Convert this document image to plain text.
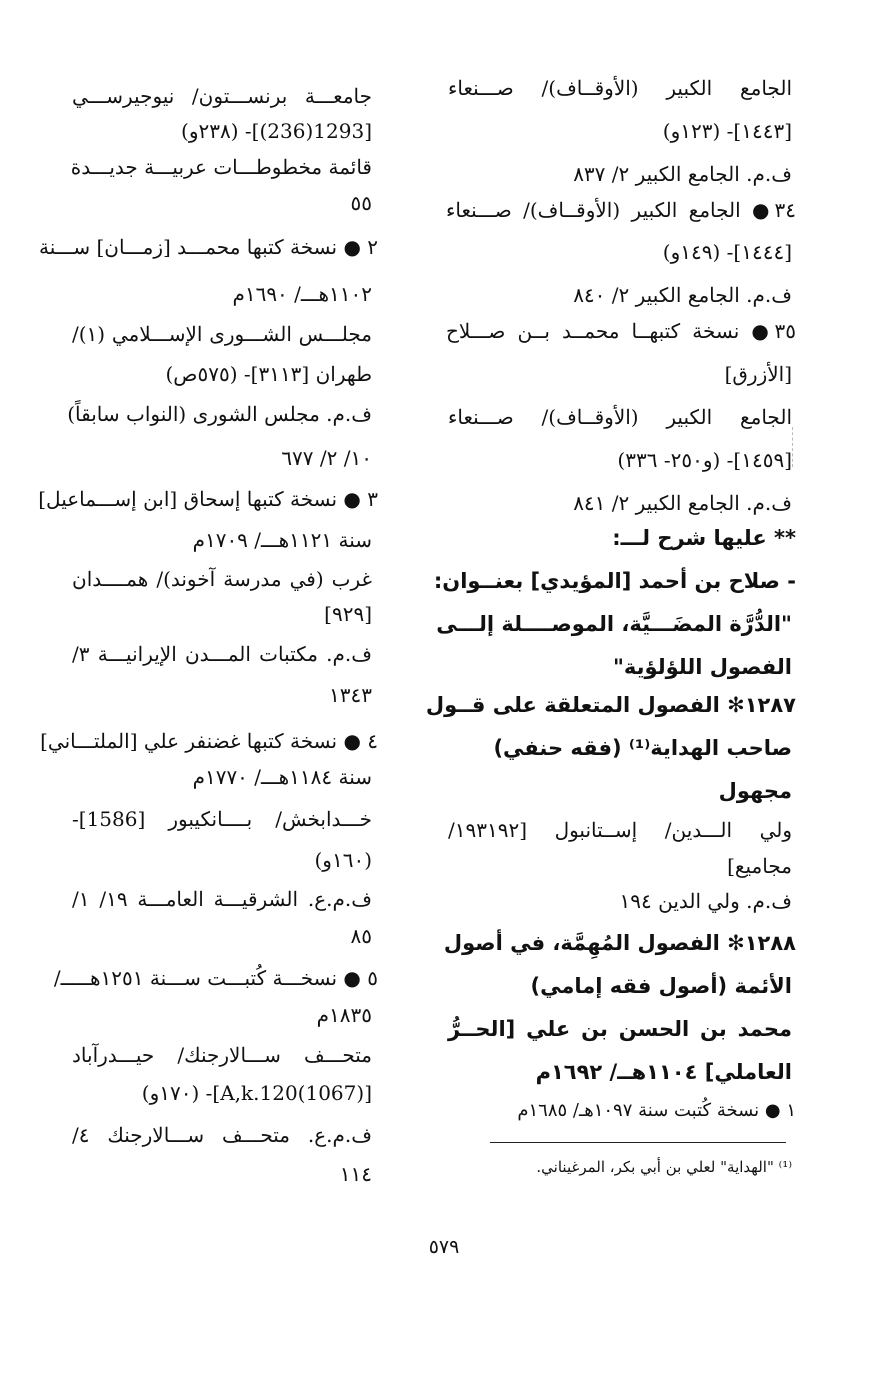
الجامع الكبير (الأوقــاف)/ صـــنعاء
[١٤٤٣]- (١٢٣و)
ف.م. الجامع الكبير ٢/ ٨٣٧
٣٤● الجامع الكبير (الأوقــاف)/ صـــنعاء
[١٤٤٤]- (١٤٩و)
ف.م. الجامع الكبير ٢/ ٨٤٠
٣٥● نسخة كتبهــا محمــد بــن صـــلاح
[الأزرق]
الجامع الكبير (الأوقــاف)/ صـــنعاء
[١٤٥٩]- (و٢٥٠- ٣٣٦)
ف.م. الجامع الكبير ٢/ ٨٤١
** عليها شرح لـــ:
- صلاح بن أحمد [المؤيدي] بعنــوان:
"الدُّرَّة المضَـــيَّة، الموصــــلة إلـــى
الفصول اللؤلؤية"
١٢٨٧✻ الفصول المتعلقة على قــول
صاحب الهداية⁽¹⁾ (فقه حنفي)
مجهول
ولي الـــدين/ إســتانبول [١٩٣١٩٢/
مجاميع]
ف.م. ولي الدين ١٩٤
١٢٨٨✻ الفصول المُهِمَّة، في أصول
الأئمة (أصول فقه إمامي)
محمد بن الحسن بن علي [الحــرُّ
العاملي] ١١٠٤هــ/ ١٦٩٢م
١ ● نسخة كُتبت سنة ١٠٩٧هـ/ ١٦٨٥م
جامعـــة برنســـتون/ نيوجيرســـي
[1293(236)]- (٢٣٨و)
قائمة مخطوطـــات عربيـــة جديـــدة
٥٥
٢ ● نسخة كتبها محمـــد [زمـــان] ســـنة
١١٠٢هـــ/ ١٦٩٠م
مجلـــس الشـــورى الإســـلامي (١)/
طهران [٣١١٣]- (٥٧٥ص)
ف.م. مجلس الشورى (النواب سابقاً)
١٠/ ٢/ ٦٧٧
٣ ● نسخة كتبها إسحاق [ابن إســـماعيل]
سنة ١١٢١هـــ/ ١٧٠٩م
غرب (في مدرسة آخوند)/ همــــدان
[٩٢٩]
ف.م. مكتبات المـــدن الإيرانيـــة ٣/
١٣٤٣
٤ ● نسخة كتبها غضنفر علي [الملتـــاني]
سنة ١١٨٤هـــ/ ١٧٧٠م
خـــدابخش/ بــــانكيبور [1586]-
(١٦٠و)
ف.م.ع. الشرقيـــة العامـــة ١٩/ ١/
٨٥
٥ ● نسخـــة كُتبـــت ســـنة ١٢٥١هـــــ/
١٨٣٥م
متحـــف ســـالارجنك/ حيـــدرآباد
[A,k.120(1067)]- (١٧٠و)
ف.م.ع. متحـــف ســـالارجنك ٤/
١١٤	⁽¹⁾ "الهداية" لعلي بن أبي بكر، المرغيناني.
٥٧٩
